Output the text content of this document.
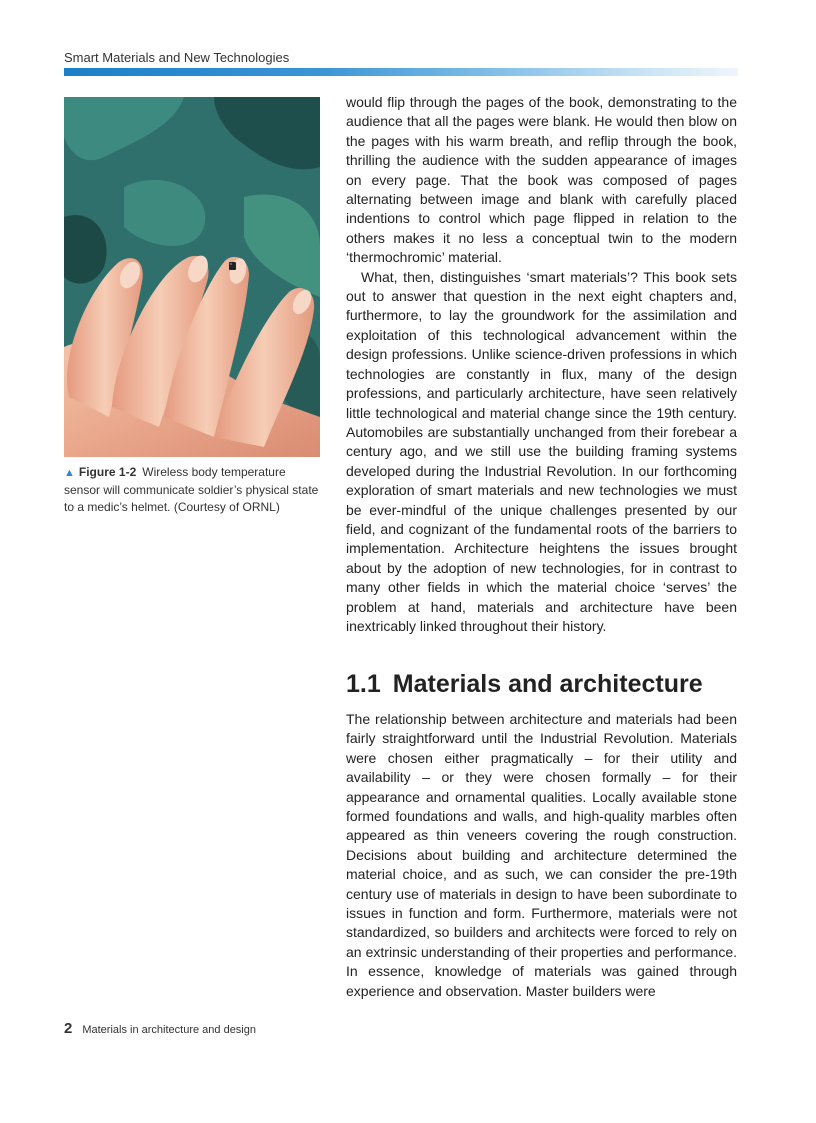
Smart Materials and New Technologies
▲ Figure 1-2 Wireless body temperature sensor will communicate soldier’s physical state to a medic’s helmet. (Courtesy of ORNL)

would flip through the pages of the book, demonstrating to the audience that all the pages were blank. He would then blow on the pages with his warm breath, and reflip through the book, thrilling the audience with the sudden appearance of images on every page. That the book was composed of pages alternating between image and blank with carefully placed indentions to control which page flipped in relation to the others makes it no less a conceptual twin to the modern ‘thermochromic’ material.

What, then, distinguishes ‘smart materials’? This book sets out to answer that question in the next eight chapters and, furthermore, to lay the groundwork for the assimilation and exploitation of this technological advancement within the design professions. Unlike science-driven professions in which technologies are constantly in flux, many of the design professions, and particularly architecture, have seen relatively little technological and material change since the 19th century. Automobiles are substantially unchanged from their forebear a century ago, and we still use the building framing systems developed during the Industrial Revolution. In our forthcoming exploration of smart materials and new technologies we must be ever-mindful of the unique challenges presented by our field, and cognizant of the fundamental roots of the barriers to implementation. Architecture heightens the issues brought about by the adoption of new technologies, for in contrast to many other fields in which the material choice ‘serves’ the problem at hand, materials and architecture have been inextricably linked throughout their history.

1.1 Materials and architecture

The relationship between architecture and materials had been fairly straightforward until the Industrial Revolution. Materials were chosen either pragmatically – for their utility and availability – or they were chosen formally – for their appearance and ornamental qualities. Locally available stone formed foundations and walls, and high-quality marbles often appeared as thin veneers covering the rough construction. Decisions about building and architecture determined the material choice, and as such, we can consider the pre-19th century use of materials in design to have been subordinate to issues in function and form. Furthermore, materials were not standardized, so builders and architects were forced to rely on an extrinsic understanding of their properties and performance. In essence, knowledge of materials was gained through experience and observation. Master builders were

2 Materials in architecture and design
